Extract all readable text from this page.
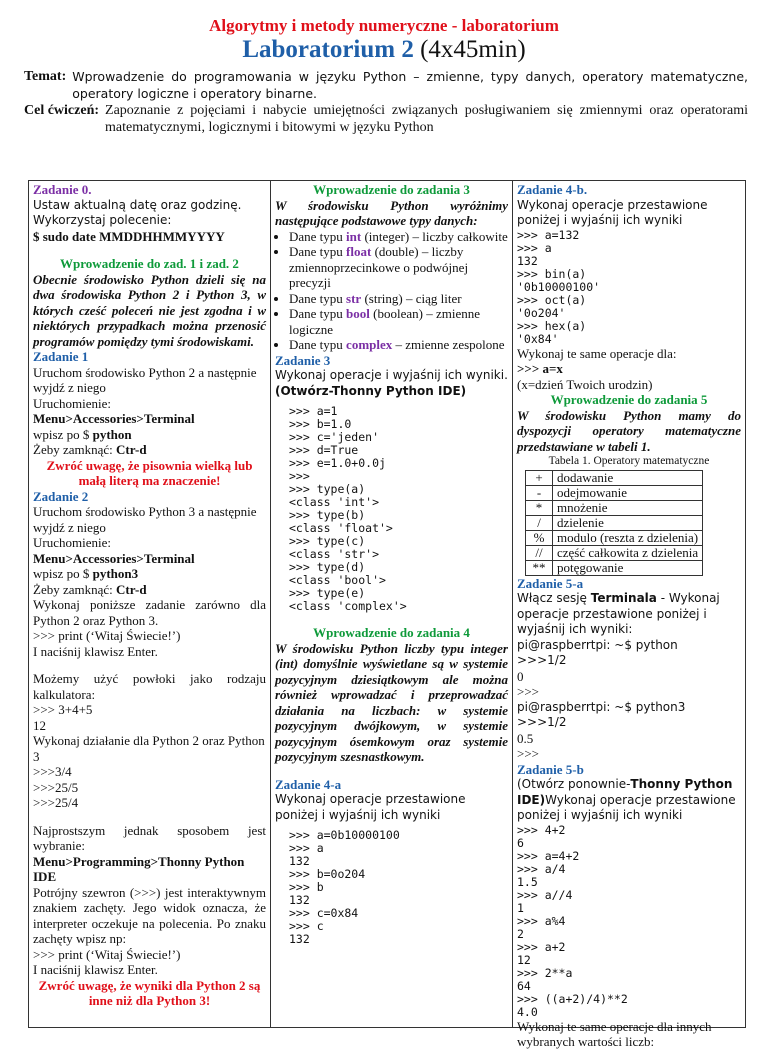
Algorytmy i metody numeryczne - laboratorium
Laboratorium 2 (4x45min)
Temat: Wprowadzenie do programowania w języku Python – zmienne, typy danych, operatory matematyczne, operatory logiczne i operatory binarne.
Cel ćwiczeń: Zapoznanie z pojęciami i nabycie umiejętności związanych posługiwaniem się zmiennymi oraz operatorami matematycznymi, logicznymi i bitowymi w języku Python
Zadanie 0.
Ustaw aktualną datę oraz godzinę.
Wykorzystaj polecenie:
$ sudo date MMDDHHMMYYYY
Wprowadzenie do zad. 1 i zad. 2
Obecnie środowisko Python dzieli się na dwa środowiska Python 2 i Python 3, w których cześć poleceń nie jest zgodna i w niektórych przypadkach można przenosić programów pomiędzy tymi środowiskami.
Zadanie 1
Uruchom środowisko Python 2 a następnie wyjdź z niego
Uruchomienie:
Menu>Accessories>Terminal
wpisz po $ python
Żeby zamknąć: Ctr-d
Zwróć uwagę, że pisownia wielką lub małą literą ma znaczenie!
Zadanie 2
Uruchom środowisko Python 3 a następnie wyjdź z niego
Uruchomienie:
Menu>Accessories>Terminal
wpisz po $ python3
Żeby zamknąć: Ctr-d
Wykonaj poniższe zadanie zarówno dla Python 2 oraz Python 3.
>>> print (‘Witaj Świecie!’)
I naciśnij klawisz Enter.
Możemy użyć powłoki jako rodzaju kalkulatora:
>>> 3+4+5
12
Wykonaj działanie dla Python 2 oraz Python 3
>>>3/4
>>>25/5
>>>25/4
Najprostszym jednak sposobem jest wybranie:
Menu>Programming>Thonny Python IDE
Potrójny szewron (>>>) jest interaktywnym znakiem zachęty. Jego widok oznacza, że interpreter oczekuje na polecenia. Po znaku zachęty wpisz np:
>>> print (‘Witaj Świecie!’)
I naciśnij klawisz Enter.
Zwróć uwagę, że wyniki dla Python 2 są inne niż dla Python 3!
Wprowadzenie do zadania 3
W środowisku Python wyróżnimy następujące podstawowe typy danych:
• Dane typu int (integer) – liczby całkowite
• Dane typu float (double) – liczby zmiennoprzecinkowe o podwójnej precyzji
• Dane typu str (string) – ciąg liter
• Dane typu bool (boolean) – zmienne logiczne
• Dane typu complex – zmienne zespolone
Zadanie 3
Wykonaj operacje i wyjaśnij ich wyniki. (Otwórz-Thonny Python IDE)
>>> a=1
>>> b=1.0
>>> c='jeden'
>>> d=True
>>> e=1.0+0.0j
>>>
>>> type(a)
<class 'int'>
>>> type(b)
<class 'float'>
>>> type(c)
<class 'str'>
>>> type(d)
<class 'bool'>
>>> type(e)
<class 'complex'>
Wprowadzenie do zadania 4
W środowisku Python liczby typu integer (int) domyślnie wyświetlane są w systemie pozycyjnym dziesiątkowym ale można również wprowadzać i przeprowadzać działania na liczbach: w systemie pozycyjnym dwójkowym, w systemie pozycyjnym ósemkowym oraz systemie pozycyjnym szesnastkowym.
Zadanie 4-a
Wykonaj operacje przestawione poniżej i wyjaśnij ich wyniki
>>> a=0b10000100
>>> a
132
>>> b=0o204
>>> b
132
>>> c=0x84
>>> c
132
Zadanie 4-b.
Wykonaj operacje przestawione poniżej i wyjaśnij ich wyniki
>>> a=132
>>> a
132
>>> bin(a)
'0b10000100'
>>> oct(a)
'0o204'
>>> hex(a)
'0x84'
Wykonaj te same operacje dla:
>>> a=x
(x=dzień Twoich urodzin)
Wprowadzenie do zadania 5
W środowisku Python mamy do dyspozycji operatory matematyczne przedstawiane w tabeli 1.
Tabela 1. Operatory matematyczne
+	dodawanie
-	odejmowanie
*	mnożenie
/	dzielenie
%	modulo (reszta z dzielenia)
//	część całkowita z dzielenia
**	potęgowanie
Zadanie 5-a
Włącz sesję Terminala - Wykonaj operacje przestawione poniżej i wyjaśnij ich wyniki:
pi@raspberrtpi: ~$ python
>>>1/2
0
>>>
pi@raspberrtpi: ~$ python3
>>>1/2
0.5
>>>
Zadanie 5-b
(Otwórz ponownie-Thonny Python IDE)Wykonaj operacje przestawione poniżej i wyjaśnij ich wyniki
>>> 4+2
6
>>> a=4+2
>>> a/4
1.5
>>> a//4
1
>>> a%4
2
>>> a+2
12
>>> 2**a
64
>>> ((a+2)/4)**2
4.0
Wykonaj te same operacje dla innych wybranych wartości liczb:
